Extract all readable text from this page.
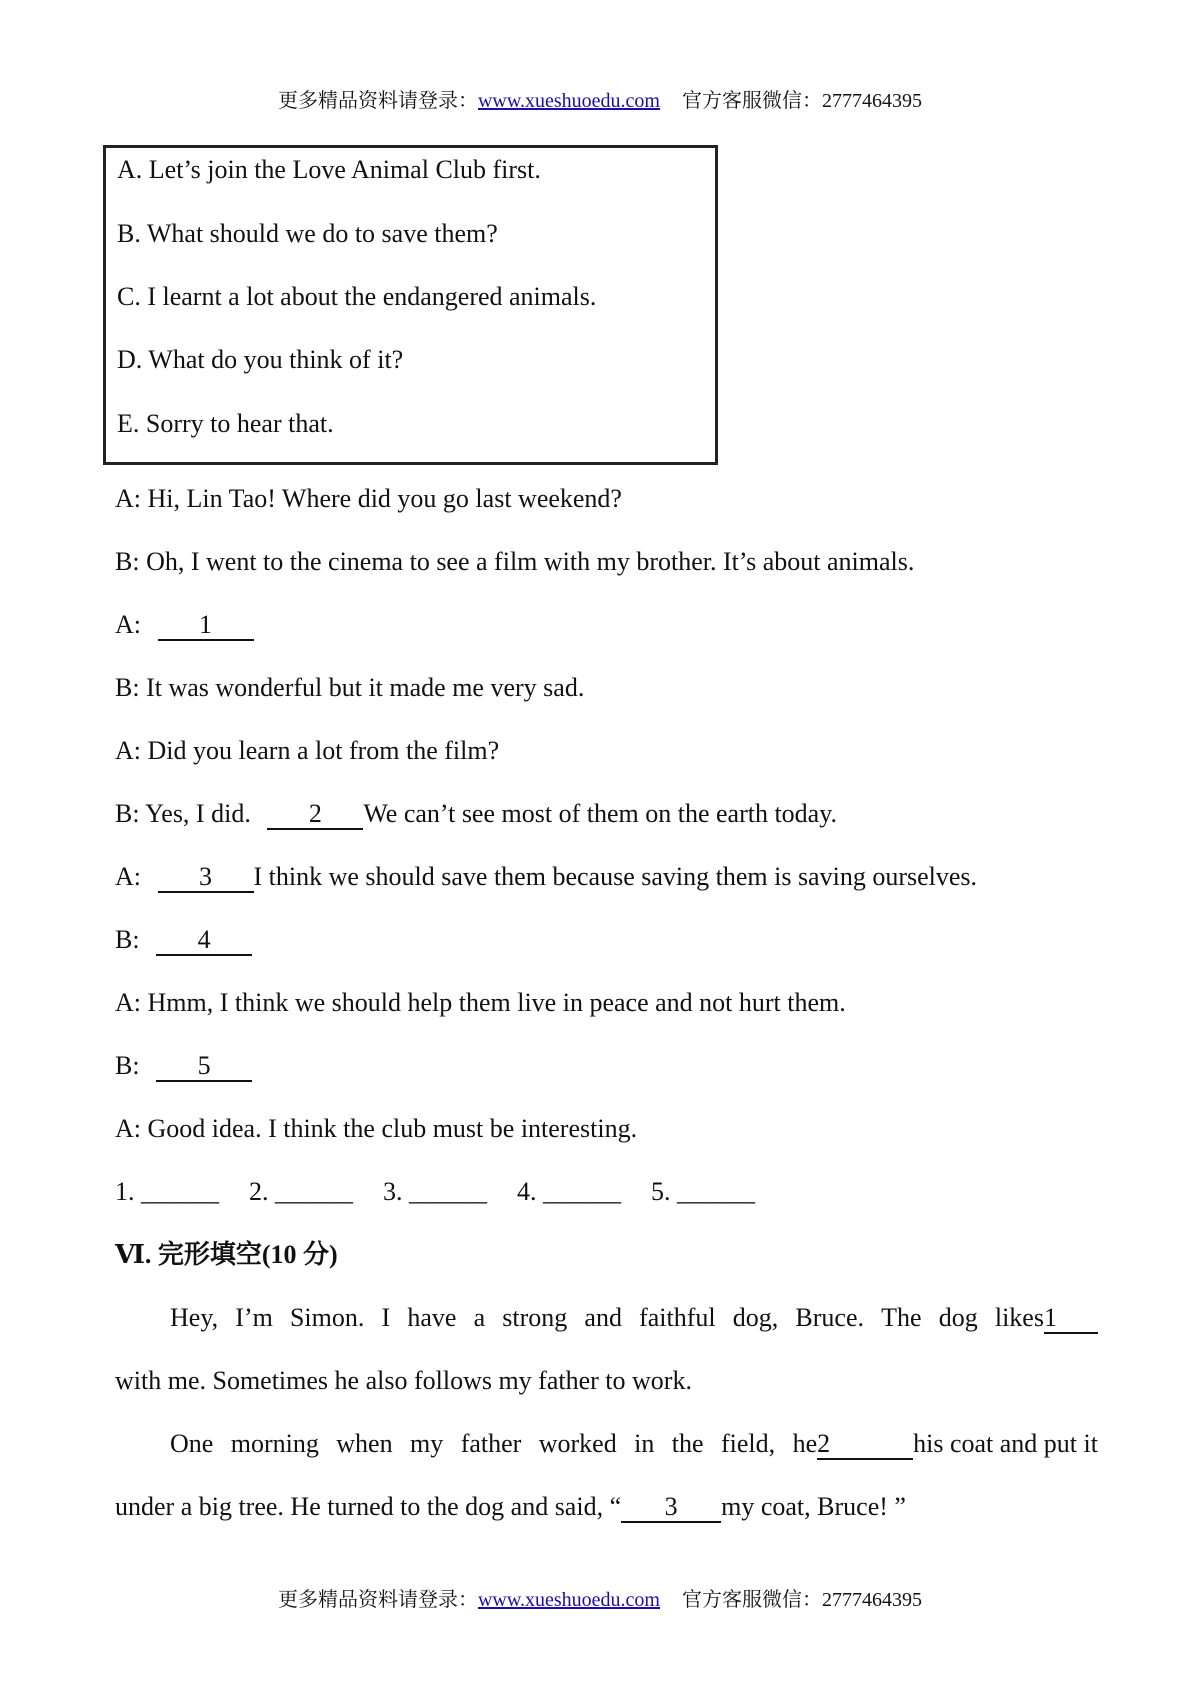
更多精品资料请登录：www.xueshuoedu.com 官方客服微信：2777464395
A. Let’s join the Love Animal Club first.
B. What should we do to save them?
C. I learnt a lot about the endangered animals.
D. What do you think of it?
E. Sorry to hear that.
A: Hi, Lin Tao! Where did you go last weekend?
B: Oh, I went to the cinema to see a film with my brother. It’s about animals.
A: 1
B: It was wonderful but it made me very sad.
A: Did you learn a lot from the film?
B: Yes, I did. 2 We can’t see most of them on the earth today.
A: 3 I think we should save them because saving them is saving ourselves.
B: 4
A: Hmm, I think we should help them live in peace and not hurt them.
B: 5
A: Good idea. I think the club must be interesting.
1. ______ 2. ______ 3. ______ 4. ______ 5. ______
Ⅵ. 完形填空(10 分)
Hey, I’m Simon. I have a strong and faithful dog, Bruce. The dog likes1
with me. Sometimes he also follows my father to work.
One morning when my father worked in the field, he2	his coat and put it
under a big tree. He turned to the dog and said, “ 3 my coat, Bruce! ”
更多精品资料请登录：www.xueshuoedu.com 官方客服微信：2777464395
